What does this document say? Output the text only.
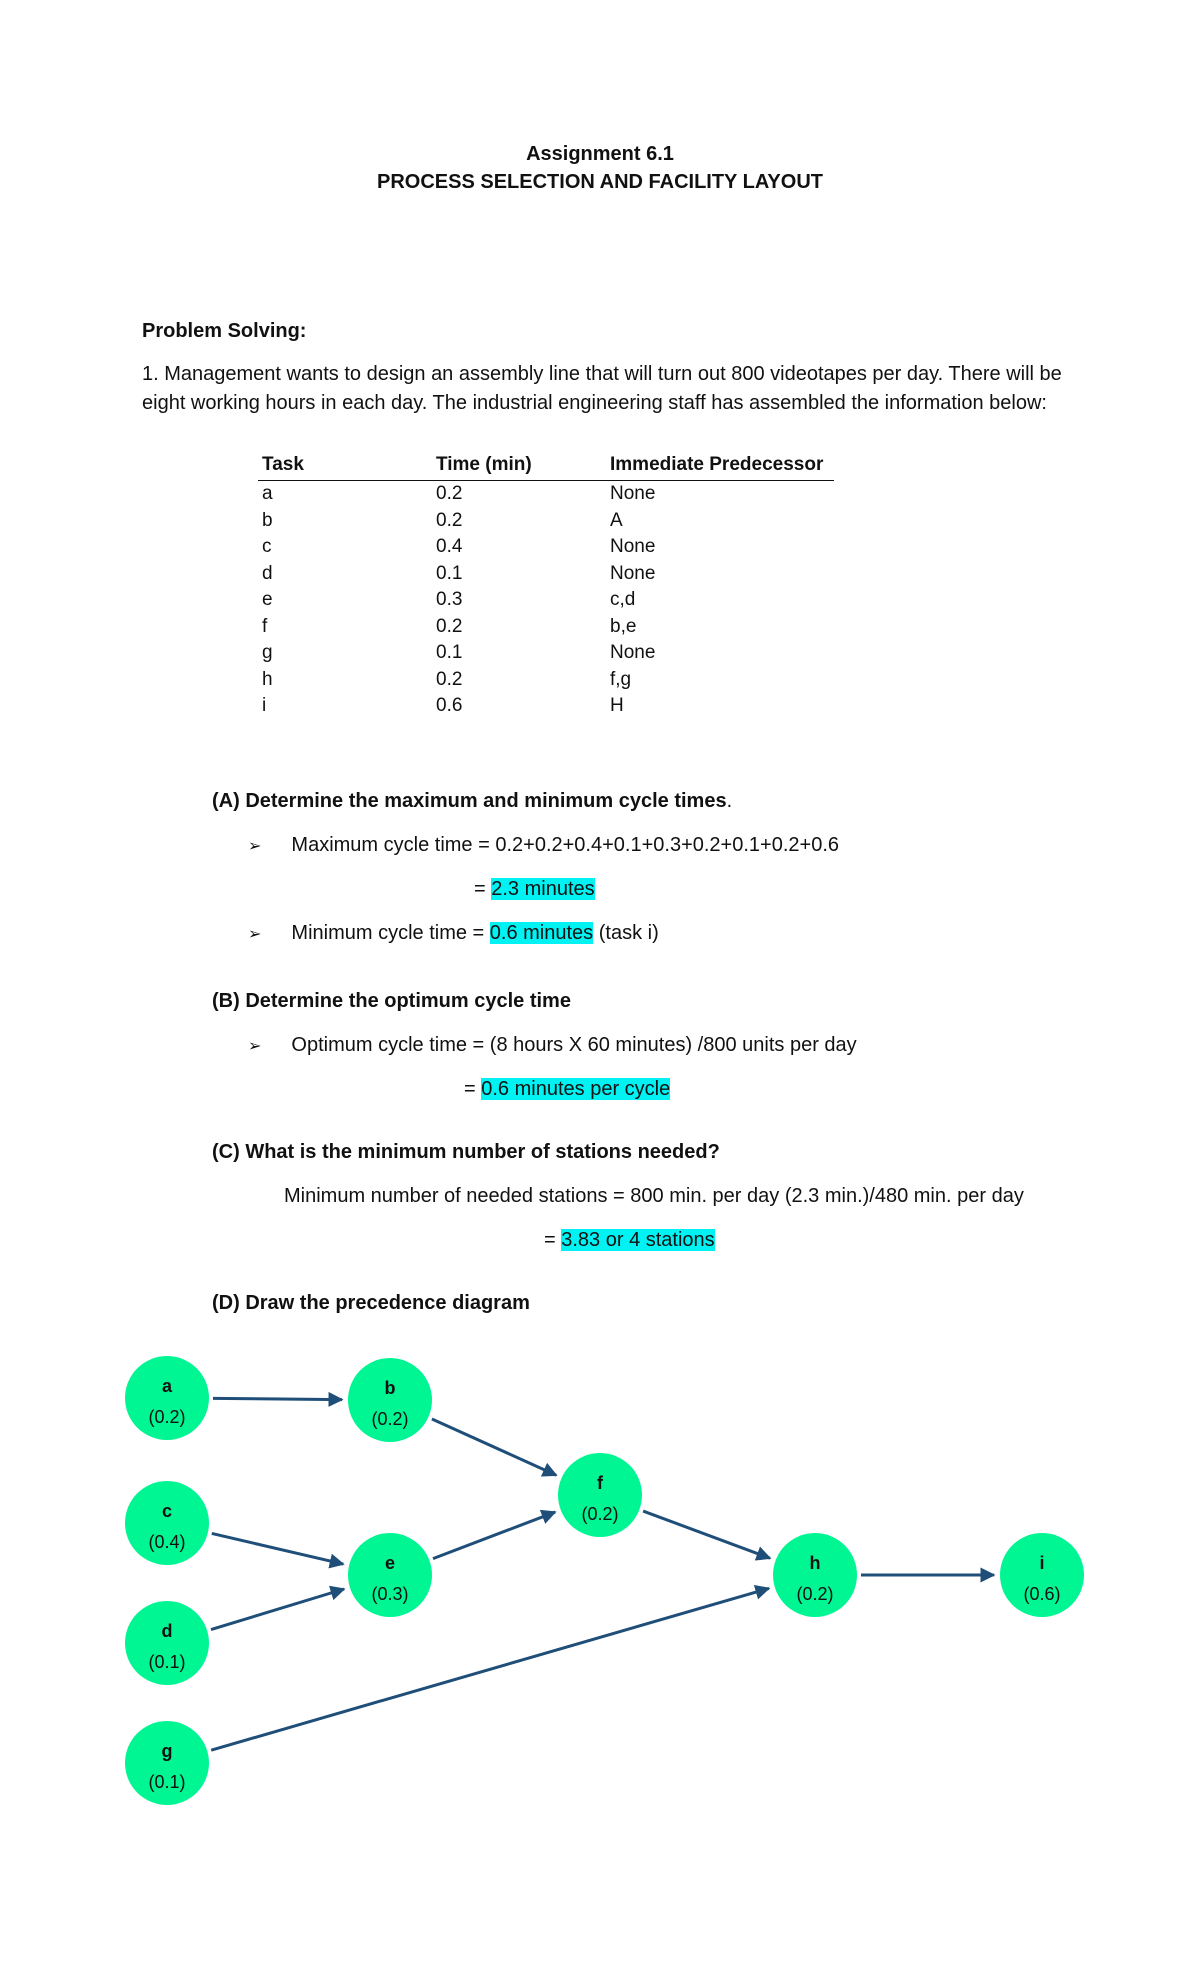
Assignment 6.1
PROCESS SELECTION AND FACILITY LAYOUT
Problem Solving:
1. Management wants to design an assembly line that will turn out 800 videotapes per day. There will be eight working hours in each day. The industrial engineering staff has assembled the information below:
Task	Time (min)	Immediate Predecessor
a	0.2	None
b	0.2	A
c	0.4	None
d	0.1	None
e	0.3	c,d
f	0.2	b,e
g	0.1	None
h	0.2	f,g
i	0.6	H
(A) Determine the maximum and minimum cycle times.
➢ Maximum cycle time = 0.2+0.2+0.4+0.1+0.3+0.2+0.1+0.2+0.6
= 2.3 minutes
➢ Minimum cycle time = 0.6 minutes (task i)
(B) Determine the optimum cycle time
➢ Optimum cycle time = (8 hours X 60 minutes) /800 units per day
= 0.6 minutes per cycle
(C) What is the minimum number of stations needed?
Minimum number of needed stations = 800 min. per day (2.3 min.)/480 min. per day
= 3.83 or 4 stations
(D) Draw the precedence diagram
a
(0.2)
b
(0.2)
c
(0.4)
d
(0.1)
e
(0.3)
f
(0.2)
g
(0.1)
h
(0.2)
i
(0.6)
